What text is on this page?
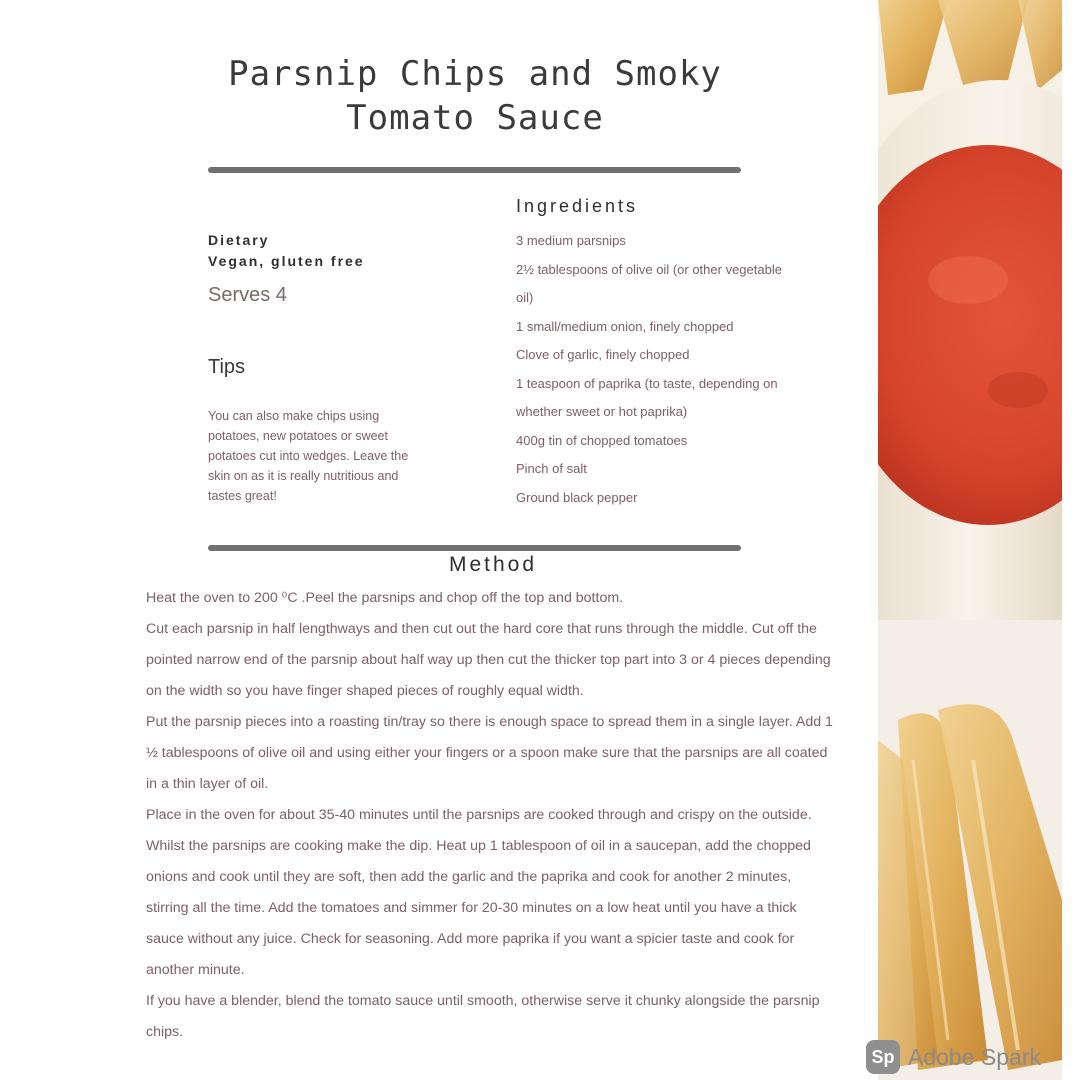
Parsnip Chips and Smoky
Tomato Sauce
Dietary
Vegan, gluten free
Serves 4
Tips
You can also make chips using potatoes, new potatoes or sweet potatoes cut into wedges. Leave the skin on as it is really nutritious and tastes great!
Ingredients
3 medium parsnips
2½ tablespoons of olive oil (or other vegetable oil)
1 small/medium onion, finely chopped
Clove of garlic, finely chopped
1 teaspoon of paprika (to taste, depending on whether sweet or hot paprika)
400g tin of chopped tomatoes
Pinch of salt
Ground black pepper
Method

Heat the oven to 200 ⁰C .Peel the parsnips and chop off the top and bottom.

Cut each parsnip in half lengthways and then cut out the hard core that runs through the middle. Cut off the pointed narrow end of the parsnip about half way up then cut the thicker top part into 3 or 4 pieces depending on the width so you have finger shaped pieces of roughly equal width.

Put the parsnip pieces into a roasting tin/tray so there is enough space to spread them in a single layer. Add 1 ½ tablespoons of olive oil and using either your fingers or a spoon make sure that the parsnips are all coated in a thin layer of oil.

Place in the oven for about 35-40 minutes until the parsnips are cooked through and crispy on the outside.

Whilst the parsnips are cooking make the dip. Heat up 1 tablespoon of oil in a saucepan, add the chopped onions and cook until they are soft, then add the garlic and the paprika and cook for another 2 minutes, stirring all the time. Add the tomatoes and simmer for 20-30 minutes on a low heat until you have a thick sauce without any juice. Check for seasoning. Add more paprika if you want a spicier taste and cook for another minute.

If you have a blender, blend the tomato sauce until smooth, otherwise serve it chunky alongside the parsnip chips.

Sp Adobe Spark
